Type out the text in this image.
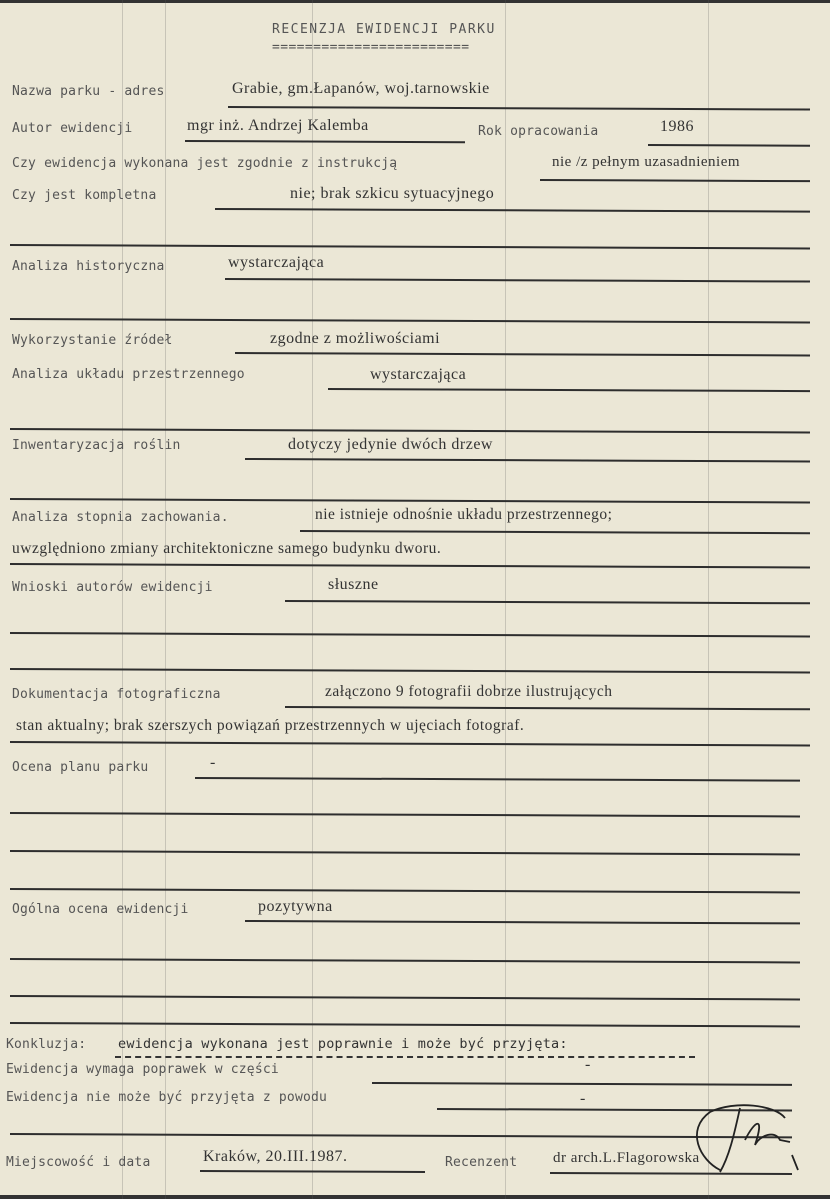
RECENZJA EWIDENCJI PARKU
========================
Nazwa parku - adres	Grabie, gm.Łapanów, woj.tarnowskie
Autor ewidencji	mgr inż. Andrzej Kalemba	Rok opracowania	1986
Czy ewidencja wykonana jest zgodnie z instrukcją	nie /z pełnym uzasadnieniem
Czy jest kompletna	nie; brak szkicu sytuacyjnego
Analiza historyczna	wystarczająca
Wykorzystanie źródeł	zgodne z możliwościami
Analiza układu przestrzennego	wystarczająca
Inwentaryzacja roślin	dotyczy jedynie dwóch drzew
Analiza stopnia zachowania.	nie istnieje odnośnie układu przestrzennego;
uwzględniono zmiany architektoniczne samego budynku dworu.
Wnioski autorów ewidencji	słuszne
Dokumentacja fotograficzna	załączono 9 fotografii dobrze ilustrujących
stan aktualny; brak szerszych powiązań przestrzennych w ujęciach fotograf.
Ocena planu parku	-
Ogólna ocena ewidencji	pozytywna
Konkluzja: ewidencja wykonana jest poprawnie i może być przyjęta:
Ewidencja wymaga poprawek w części	-
Ewidencja nie może być przyjęta z powodu	-
Miejscowość i data	Kraków, 20.III.1987.	Recenzent dr arch.L.Flagorowska
